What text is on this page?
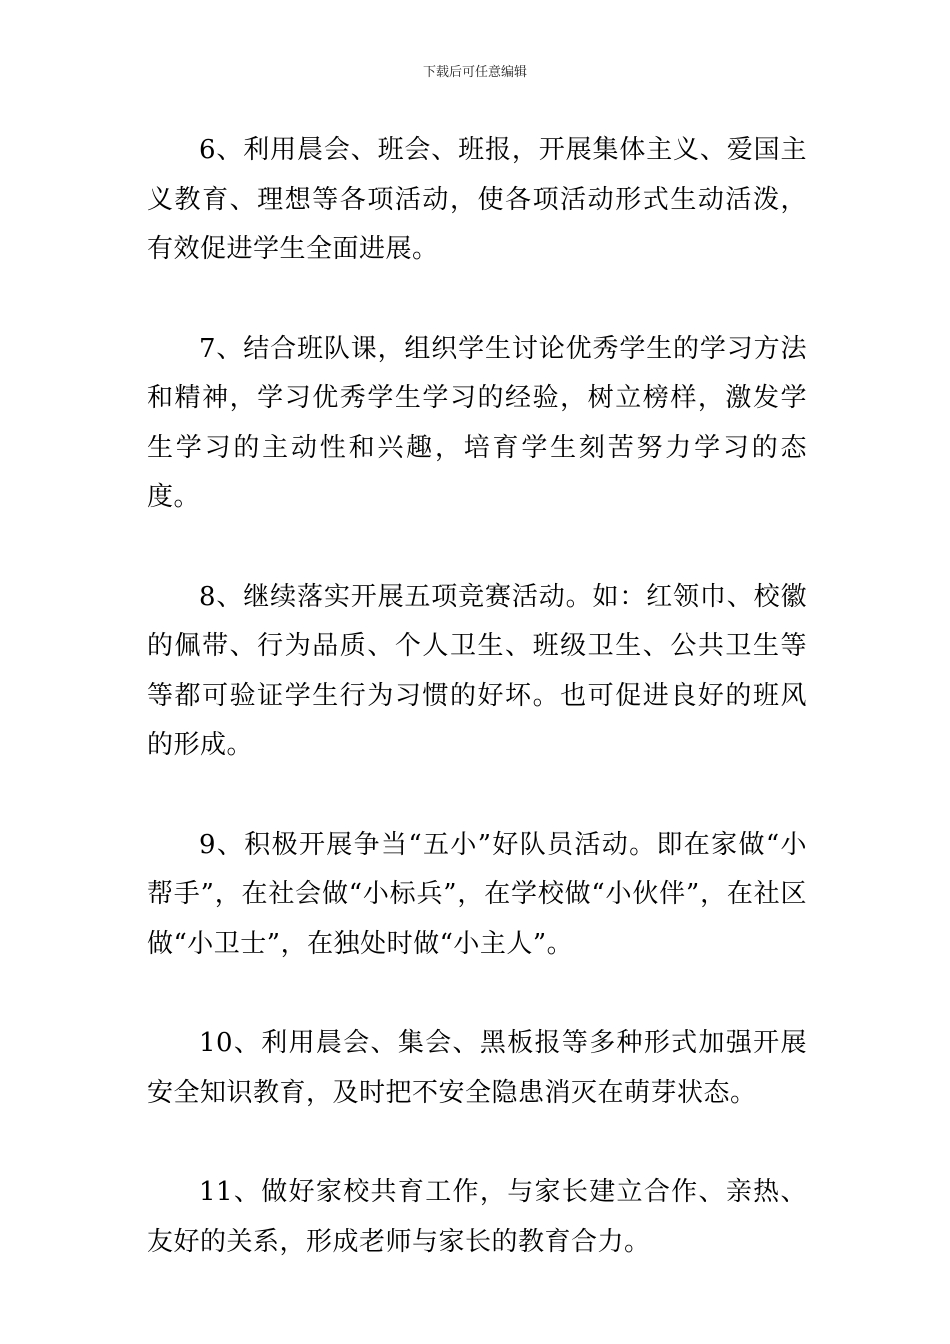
下载后可任意编辑

6、利用晨会、班会、班报，开展集体主义、爱国主义教育、理想等各项活动，使各项活动形式生动活泼，有效促进学生全面进展。

7、结合班队课，组织学生讨论优秀学生的学习方法和精神，学习优秀学生学习的经验，树立榜样，激发学生学习的主动性和兴趣，培育学生刻苦努力学习的态度。

8、继续落实开展五项竞赛活动。如：红领巾、校徽的佩带、行为品质、个人卫生、班级卫生、公共卫生等等都可验证学生行为习惯的好坏。也可促进良好的班风的形成。

9、积极开展争当“五小”好队员活动。即在家做“小帮手”，在社会做“小标兵”，在学校做“小伙伴”，在社区做“小卫士”，在独处时做“小主人”。

10、利用晨会、集会、黑板报等多种形式加强开展安全知识教育，及时把不安全隐患消灭在萌芽状态。

11、做好家校共育工作，与家长建立合作、亲热、友好的关系，形成老师与家长的教育合力。
